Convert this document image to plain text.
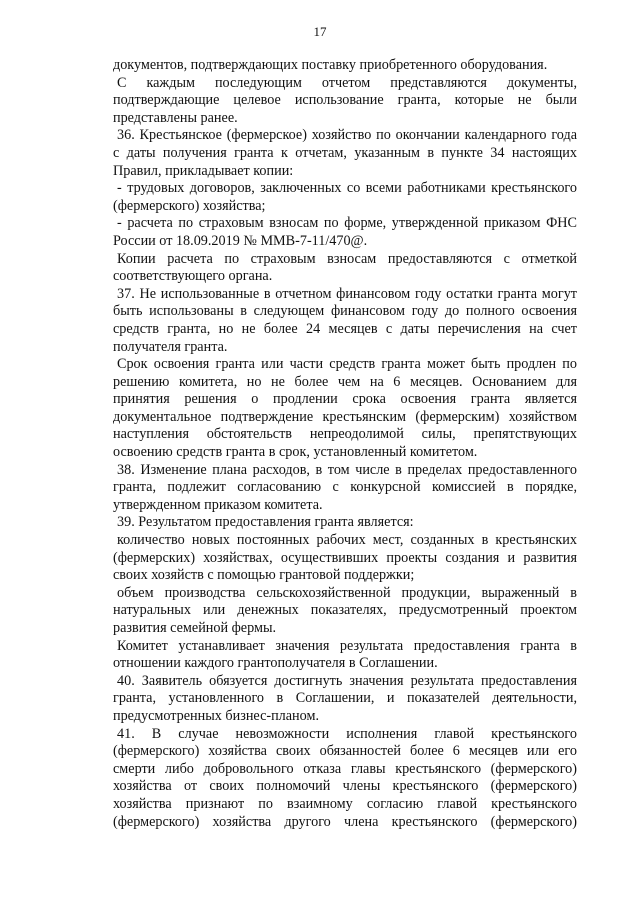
17

документов, подтверждающих поставку приобретенного оборудования.

С каждым последующим отчетом представляются документы, подтверждающие целевое использование гранта, которые не были представлены ранее.

36. Крестьянское (фермерское) хозяйство по окончании календарного года с даты получения гранта к отчетам, указанным в пункте 34 настоящих Правил, прикладывает копии:

- трудовых договоров, заключенных со всеми работниками крестьянского (фермерского) хозяйства;

- расчета по страховым взносам по форме, утвержденной приказом ФНС России от 18.09.2019 № ММВ-7-11/470@.

Копии расчета по страховым взносам предоставляются с отметкой соответствующего органа.

37. Не использованные в отчетном финансовом году остатки гранта могут быть использованы в следующем финансовом году до полного освоения средств гранта, но не более 24 месяцев с даты перечисления на счет получателя гранта.

Срок освоения гранта или части средств гранта может быть продлен по решению комитета, но не более чем на 6 месяцев. Основанием для принятия решения о продлении срока освоения гранта является документальное подтверждение крестьянским (фермерским) хозяйством наступления обстоятельств непреодолимой силы, препятствующих освоению средств гранта в срок, установленный комитетом.

38. Изменение плана расходов, в том числе в пределах предоставленного гранта, подлежит согласованию с конкурсной комиссией в порядке, утвержденном приказом комитета.

39. Результатом предоставления гранта является:

количество новых постоянных рабочих мест, созданных в крестьянских (фермерских) хозяйствах, осуществивших проекты создания и развития своих хозяйств с помощью грантовой поддержки;

объем производства сельскохозяйственной продукции, выраженный в натуральных или денежных показателях, предусмотренный проектом развития семейной фермы.

Комитет устанавливает значения результата предоставления гранта в отношении каждого грантополучателя в Соглашении.

40. Заявитель обязуется достигнуть значения результата предоставления гранта, установленного в Соглашении, и показателей деятельности, предусмотренных бизнес-планом.

41. В случае невозможности исполнения главой крестьянского (фермерского) хозяйства своих обязанностей более 6 месяцев или его смерти либо добровольного отказа главы крестьянского (фермерского) хозяйства от своих полномочий члены крестьянского (фермерского) хозяйства признают по взаимному согласию главой крестьянского (фермерского) хозяйства другого члена крестьянского (фермерского)
